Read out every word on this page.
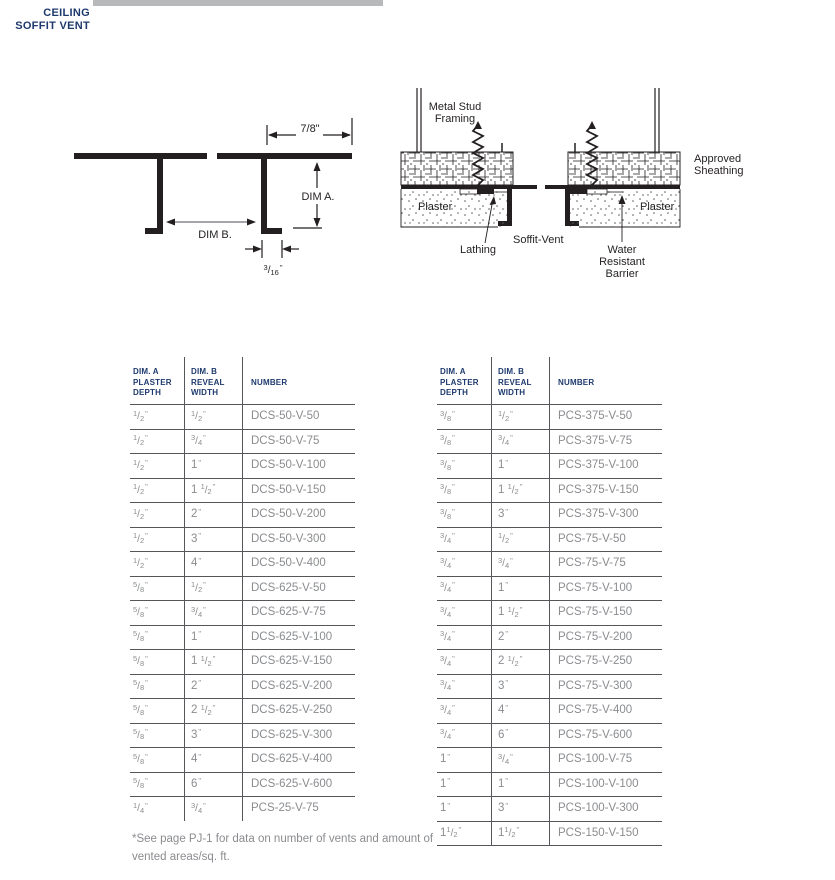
CEILING
SOFFIT VENT
7/8"
DIM A.
DIM B.
$^3$/16"
Metal Stud Framing
Approved Sheathing
Plaster	Plaster
Lathing
Soffit-Vent
Water Resistant Barrier
DIM. A
PLASTER
DEPTH
DIM. B
REVEAL
WIDTH
NUMBER
$^1$/2"	$^1$/2"	DCS-50-V-50
$^1$/2"	$^3$/4"	DCS-50-V-75
$^1$/2"	1"	DCS-50-V-100
$^1$/2"	1 $^1$/2"	DCS-50-V-150
$^1$/2"	2"	DCS-50-V-200
$^1$/2"	3"	DCS-50-V-300
$^1$/2"	4"	DCS-50-V-400
$^5$/8"	$^1$/2"	DCS-625-V-50
$^5$/8"	$^3$/4"	DCS-625-V-75
$^5$/8"	1"	DCS-625-V-100
$^5$/8"	1 $^1$/2"	DCS-625-V-150
$^5$/8"	2"	DCS-625-V-200
$^5$/8"	2 $^1$/2"	DCS-625-V-250
$^5$/8"	3"	DCS-625-V-300
$^5$/8"	4"	DCS-625-V-400
$^5$/8"	6"	DCS-625-V-600
$^1$/4"	$^3$/4"	PCS-25-V-75
DIM. A
PLASTER
DEPTH
DIM. B
REVEAL
WIDTH
NUMBER
$^3$/8"	$^1$/2"	PCS-375-V-50
$^3$/8"	$^3$/4"	PCS-375-V-75
$^3$/8"	1"	PCS-375-V-100
$^3$/8"	1 $^1$/2"	PCS-375-V-150
$^3$/8"	3"	PCS-375-V-300
$^3$/4"	$^1$/2"	PCS-75-V-50
$^3$/4"	$^3$/4"	PCS-75-V-75
$^3$/4"	1"	PCS-75-V-100
$^3$/4"	1 $^1$/2"	PCS-75-V-150
$^3$/4"	2"	PCS-75-V-200
$^3$/4"	2 $^1$/2"	PCS-75-V-250
$^3$/4"	3"	PCS-75-V-300
$^3$/4"	4"	PCS-75-V-400
$^3$/4"	6"	PCS-75-V-600
1"	$^3$/4"	PCS-100-V-75
1"	1"	PCS-100-V-100
1"	3"	PCS-100-V-300
1$^1$/2"	1$^1$/2"	PCS-150-V-150
*See page PJ-1 for data on number of vents and amount of vented areas/sq. ft.
